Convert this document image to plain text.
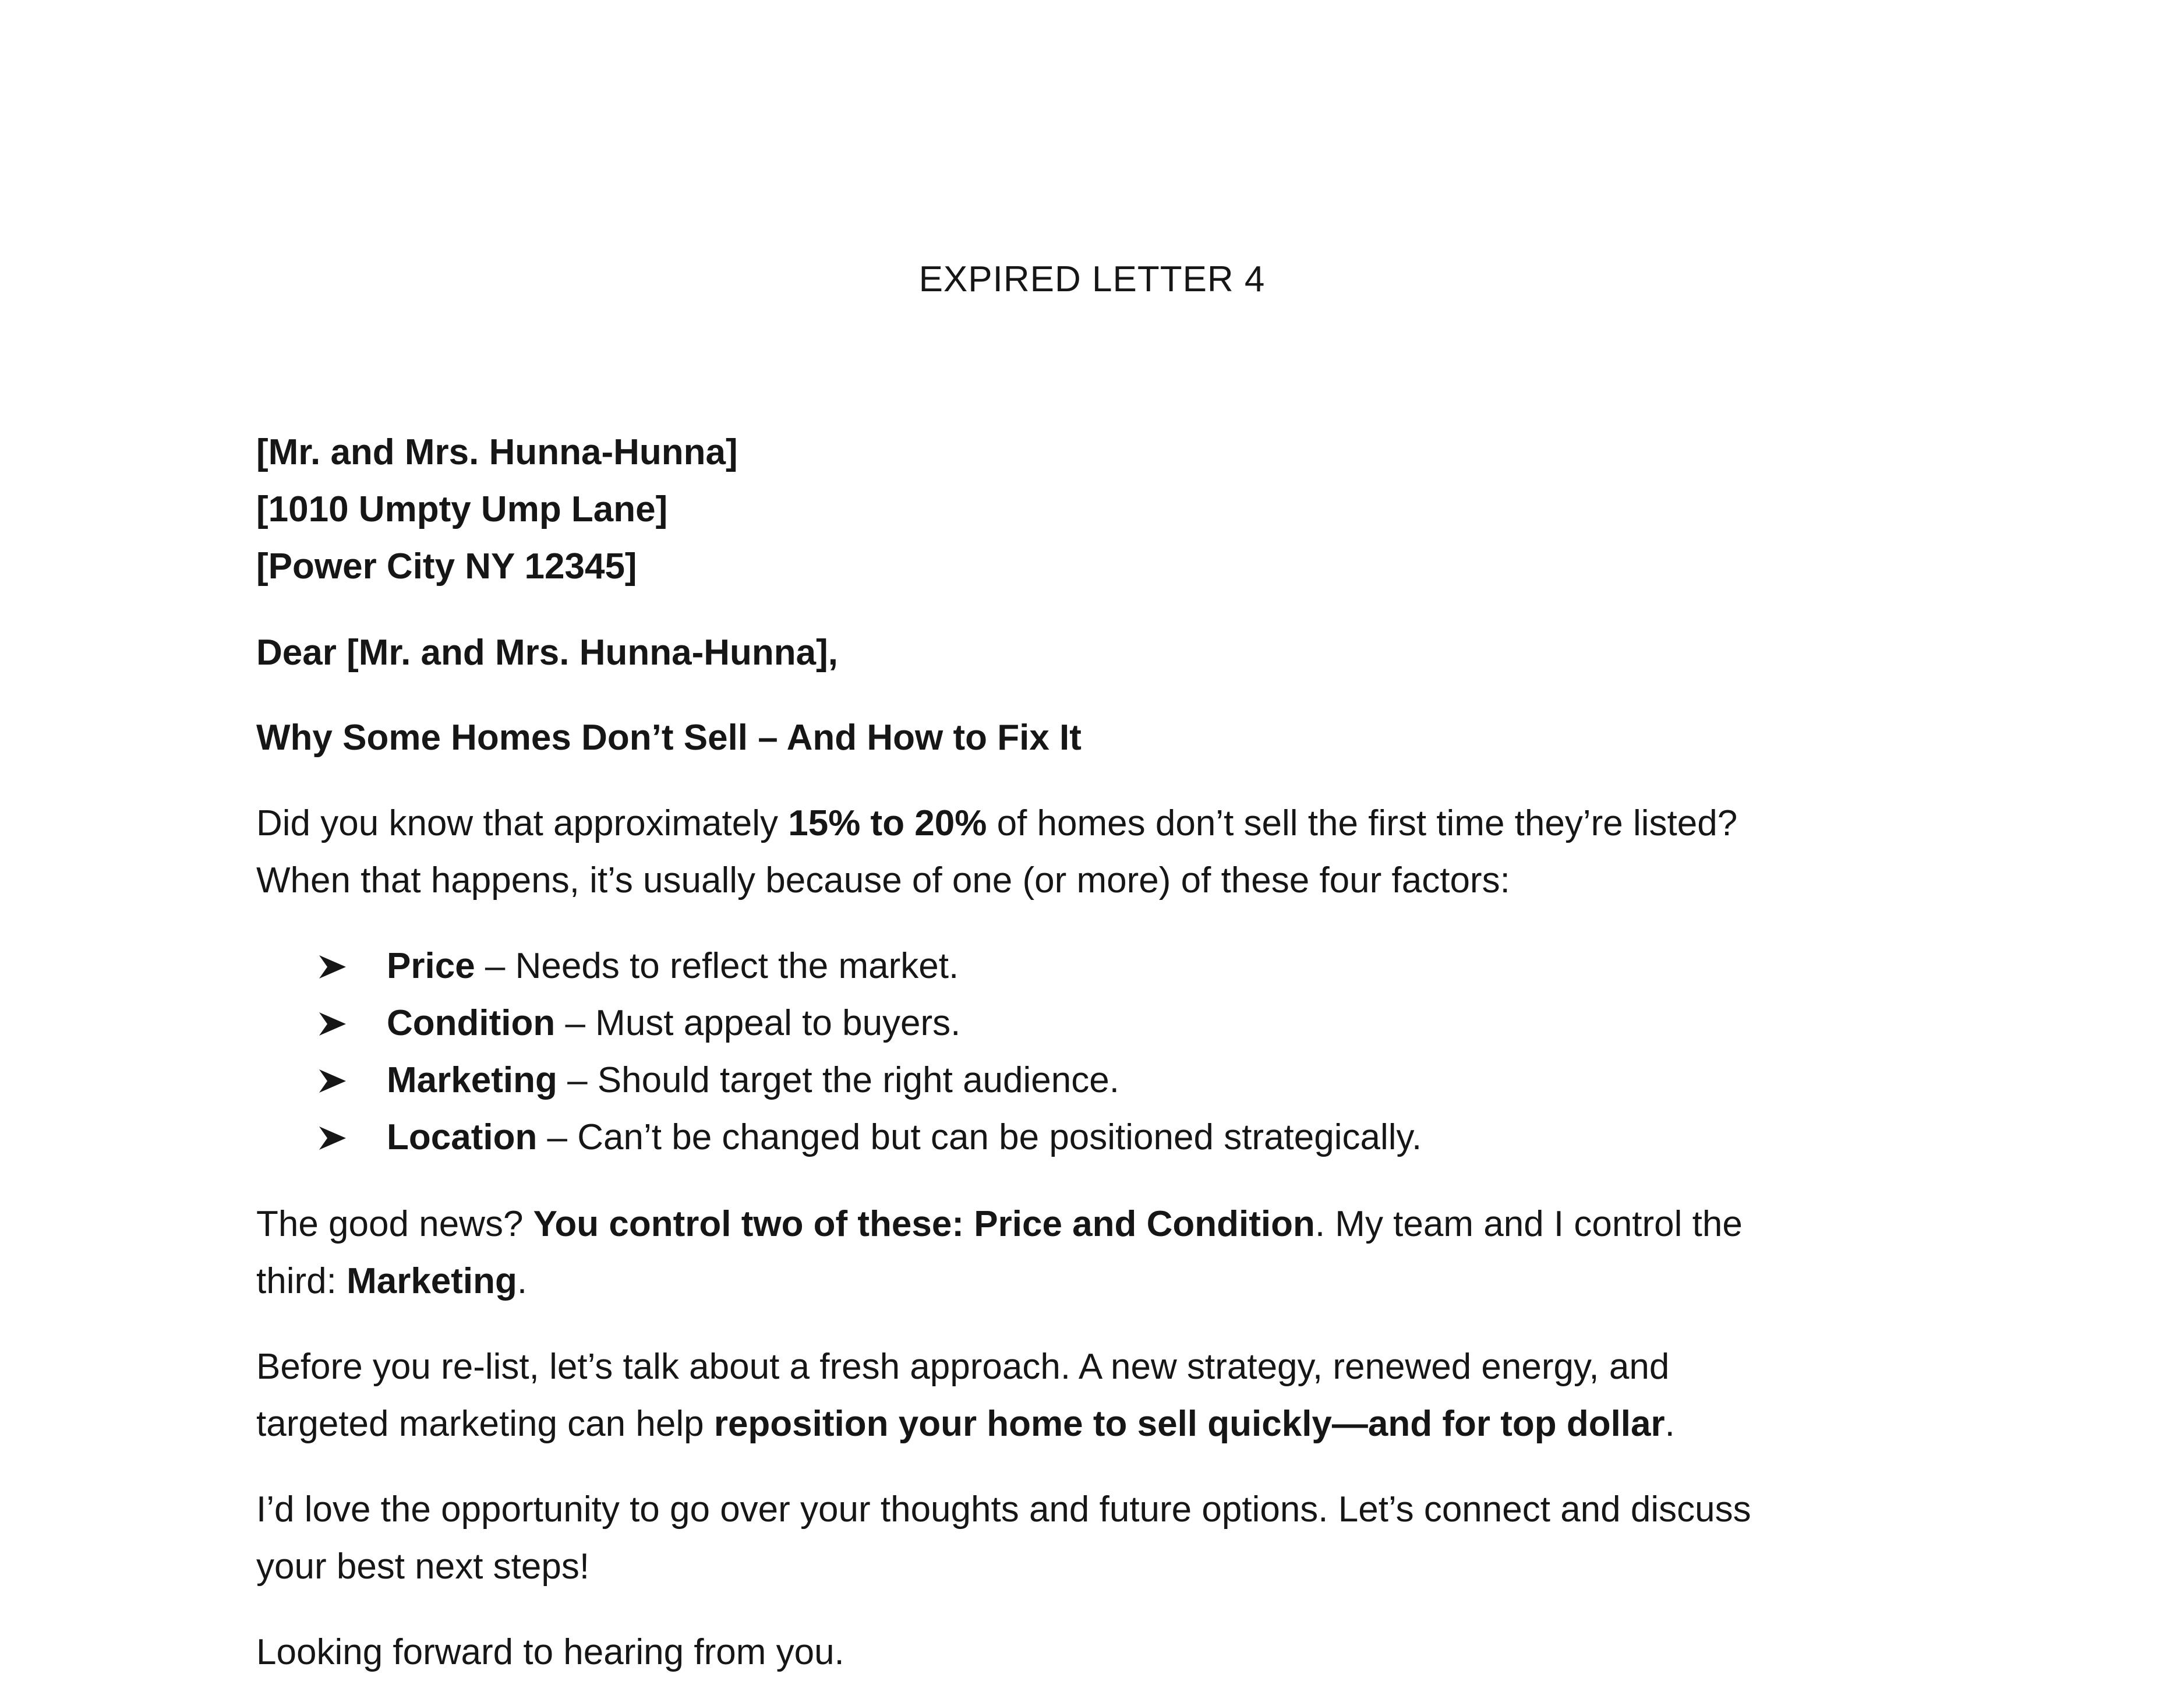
EXPIRED LETTER 4
[Mr. and Mrs. Hunna-Hunna]
[1010 Umpty Ump Lane]
[Power City NY 12345]
Dear [Mr. and Mrs. Hunna-Hunna],
Why Some Homes Don’t Sell – And How to Fix It
Did you know that approximately 15% to 20% of homes don’t sell the first time they’re listed?
When that happens, it’s usually because of one (or more) of these four factors:
Price – Needs to reflect the market.
Condition – Must appeal to buyers.
Marketing – Should target the right audience.
Location – Can’t be changed but can be positioned strategically.
The good news? You control two of these: Price and Condition. My team and I control the
third: Marketing.
Before you re-list, let’s talk about a fresh approach. A new strategy, renewed energy, and
targeted marketing can help reposition your home to sell quickly—and for top dollar.
I’d love the opportunity to go over your thoughts and future options. Let’s connect and discuss
your best next steps!
Looking forward to hearing from you.
